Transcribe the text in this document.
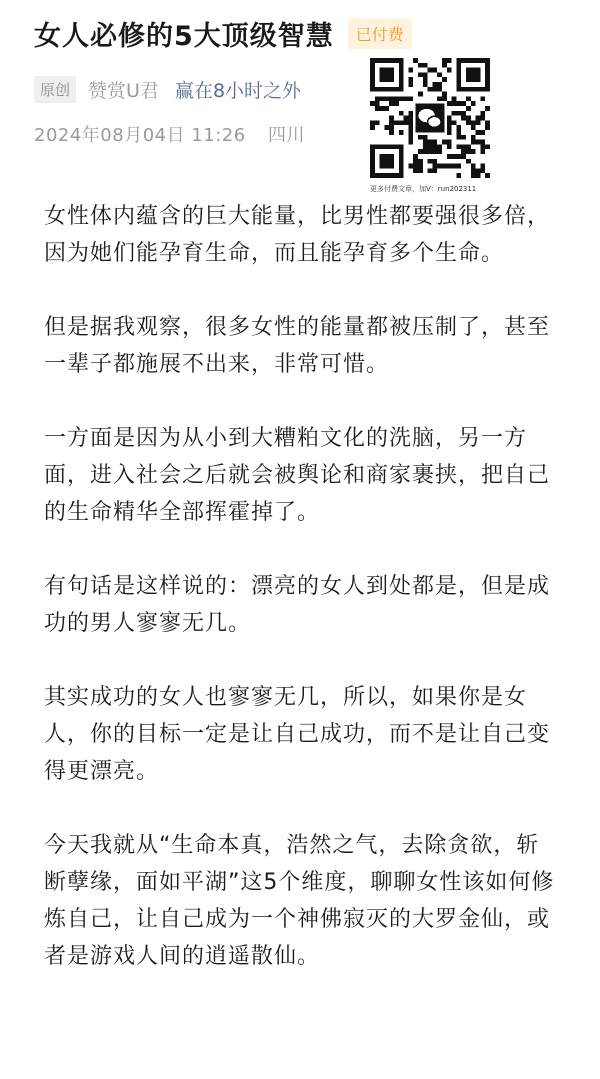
女人必修的5大顶级智慧	已付费
原创 赞赏U君 赢在8小时之外
2024年08月04日 11:26 四川
更多付费文章，加V：run202311

女性体内蕴含的巨大能量，比男性都要强很多倍，因为她们能孕育生命，而且能孕育多个生命。

但是据我观察，很多女性的能量都被压制了，甚至一辈子都施展不出来，非常可惜。

一方面是因为从小到大糟粕文化的洗脑，另一方面，进入社会之后就会被舆论和商家裹挟，把自己的生命精华全部挥霍掉了。

有句话是这样说的：漂亮的女人到处都是，但是成功的男人寥寥无几。

其实成功的女人也寥寥无几，所以，如果你是女人，你的目标一定是让自己成功，而不是让自己变得更漂亮。

今天我就从“生命本真，浩然之气，去除贪欲，斩断孽缘，面如平湖”这5个维度，聊聊女性该如何修炼自己，让自己成为一个神佛寂灭的大罗金仙，或者是游戏人间的逍遥散仙。
